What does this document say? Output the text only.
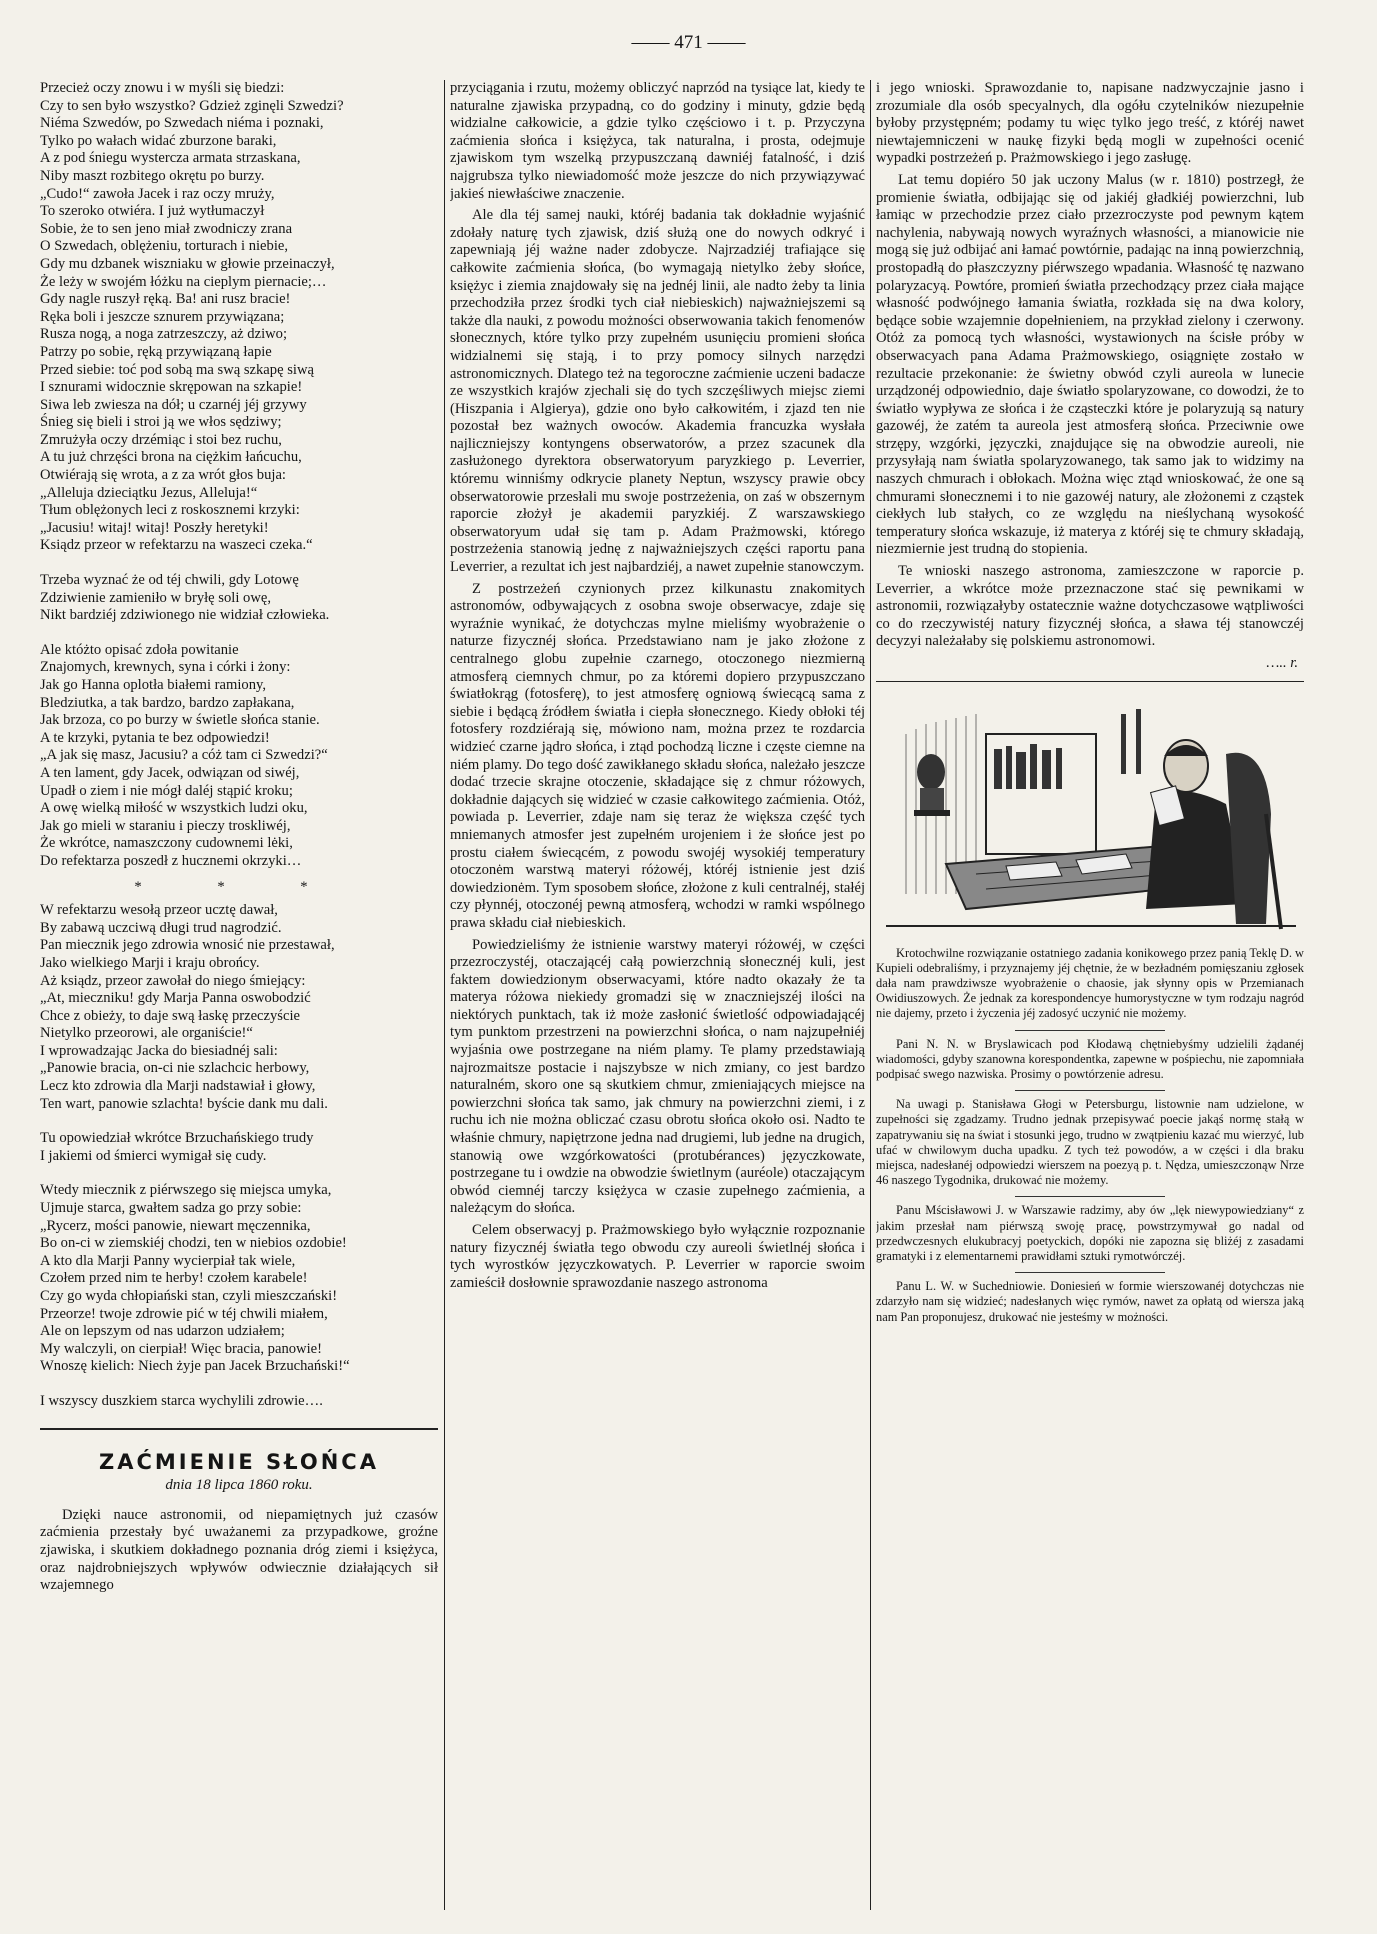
—— 471 ——

Przecież oczy znowu i w myśli się biedzi:

Czy to sen było wszystko? Gdzież zginęli Szwedzi?

Niéma Szwedów, po Szwedach niéma i poznaki,

Tylko po wałach widać zburzone baraki,

A z pod śniegu wystercza armata strzaskana,

Niby maszt rozbitego okrętu po burzy.

„Cudo!“ zawoła Jacek i raz oczy mruży,

To szeroko otwiéra. I już wytłumaczył

Sobie, że to sen jeno miał zwodniczy zrana

O Szwedach, oblężeniu, torturach i niebie,

Gdy mu dzbanek wiszniaku w głowie przeinaczył,

Że leży w swojém łóżku na cieplym piernacie;…

Gdy nagle ruszył ręką. Ba! ani rusz bracie!

Ręka boli i jeszcze sznurem przywiązana;

Rusza nogą, a noga zatrzeszczy, aż dziwo;

Patrzy po sobie, ręką przywiązaną łapie

Przed siebie: toć pod sobą ma swą szkapę siwą

I sznurami widocznie skrępowan na szkapie!

Siwa leb zwiesza na dół; u czarnéj jéj grzywy

Śnieg się bieli i stroi ją we włos sędziwy;

Zmrużyła oczy drzémiąc i stoi bez ruchu,

A tu już chrzęści brona na ciężkim łańcuchu,

Otwiérają się wrota, a z za wrót głos buja:

„Alleluja dzieciątku Jezus, Alleluja!“

Tłum oblężonych leci z roskosznemi krzyki:

„Jacusiu! witaj! witaj! Poszły heretyki!

Ksiądz przeor w refektarzu na waszeci czeka.“

Trzeba wyznać że od téj chwili, gdy Lotowę

Zdziwienie zamieniło w bryłę soli owę,

Nikt bardziéj zdziwionego nie widział człowieka.

Ale któżto opisać zdoła powitanie

Znajomych, krewnych, syna i córki i żony:

Jak go Hanna oplotła białemi ramiony,

Bledziutka, a tak bardzo, bardzo zapłakana,

Jak brzoza, co po burzy w świetle słońca stanie.

A te krzyki, pytania te bez odpowiedzi!

„A jak się masz, Jacusiu? a cóż tam ci Szwedzi?“

A ten lament, gdy Jacek, odwiązan od siwéj,

Upadł o ziem i nie mógł daléj stąpić kroku;

A owę wielką miłość w wszystkich ludzi oku,

Jak go mieli w staraniu i pieczy troskliwéj,

Że wkrótce, namaszczony cudownemi lėki,

Do refektarza poszedł z hucznemi okrzyki…

* * *

W refektarzu wesołą przeor ucztę dawał,

By zabawą uczciwą długi trud nagrodzić.

Pan miecznik jego zdrowia wnosić nie przestawał,

Jako wielkiego Marji i kraju obrońcy.

Aż ksiądz, przeor zawołał do niego śmiejący:

„At, mieczniku! gdy Marja Panna oswobodzić

Chce z obieży, to daje swą łaskę przeczyście

Nietylko przeorowi, ale organiście!“

I wprowadzając Jacka do biesiadnéj sali:

„Panowie bracia, on-ci nie szlachcic herbowy,

Lecz kto zdrowia dla Marji nadstawiał i głowy,

Ten wart, panowie szlachta! byście dank mu dali.

Tu opowiedział wkrótce Brzuchańskiego trudy

I jakiemi od śmierci wymigał się cudy.

Wtedy miecznik z piérwszego się miejsca umyka,

Ujmuje starca, gwałtem sadza go przy sobie:

„Rycerz, mości panowie, niewart męczennika,

Bo on-ci w ziemskiéj chodzi, ten w niebios ozdobie!

A kto dla Marji Panny wycierpiał tak wiele,

Czołem przed nim te herby! czołem karabele!

Czy go wyda chłopiański stan, czyli mieszczański!

Przeorze! twoje zdrowie pić w téj chwili miałem,

Ale on lepszym od nas udarzon udziałem;

My walczyli, on cierpiał! Więc bracia, panowie!

Wnoszę kielich: Niech żyje pan Jacek Brzuchański!“

I wszyscy duszkiem starca wychylili zdrowie….

ZAĆMIENIE SŁOŃCA
dnia 18 lipca 1860 roku.

Dzięki nauce astronomii, od niepamiętnych już czasów zaćmienia przestały być uważanemi za przypadkowe, groźne zjawiska, i skutkiem dokładnego poznania dróg ziemi i księżyca, oraz najdrobniejszych wpływów odwiecznie działających sił wzajemnego

przyciągania i rzutu, możemy obliczyć naprzód na tysiące lat, kiedy te naturalne zjawiska przypadną, co do godziny i minuty, gdzie będą widzialne całkowicie, a gdzie tylko częściowo i t. p. Przyczyna zaćmienia słońca i księżyca, tak naturalna, i prosta, odejmuje zjawiskom tym wszelką przypuszczaną dawniéj fatalność, i dziś najgrubsza tylko niewiadomość może jeszcze do nich przywiązywać jakieś niewłaściwe znaczenie.

Ale dla téj samej nauki, któréj badania tak dokładnie wyjaśnić zdołały naturę tych zjawisk, dziś służą one do nowych odkryć i zapewniają jéj ważne nader zdobycze. Najrzadziéj trafiające się całkowite zaćmienia słońca, (bo wymagają nietylko żeby słońce, księżyc i ziemia znajdowały się na jednéj linii, ale nadto żeby ta linia przechodziła przez środki tych ciał niebieskich) najważniejszemi są także dla nauki, z powodu możności obserwowania takich fenomenów słonecznych, które tylko przy zupełném usunięciu promieni słońca widzialnemi się stają, i to przy pomocy silnych narzędzi astronomicznych. Dlatego też na tegoroczne zaćmienie uczeni badacze ze wszystkich krajów zjechali się do tych szczęśliwych miejsc ziemi (Hiszpania i Algierya), gdzie ono było całkowitém, i zjazd ten nie pozostał bez ważnych owoców. Akademia francuzka wysłała najliczniejszy kontyngens obserwatorów, a przez szacunek dla zasłużonego dyrektora obserwatoryum paryzkiego p. Leverrier, któremu winniśmy odkrycie planety Neptun, wszyscy prawie obcy obserwatorowie przesłali mu swoje postrzeżenia, on zaś w obszernym raporcie złożył je akademii paryzkiéj. Z warszawskiego obserwatoryum udał się tam p. Adam Prażmowski, którego postrzeżenia stanowią jednę z najważniejszych części raportu pana Leverrier, a rezultat ich jest najbardziéj, a nawet zupełnie stanowczym.

Z postrzeżeń czynionych przez kilkunastu znakomitych astronomów, odbywających z osobna swoje obserwacye, zdaje się wyraźnie wynikać, że dotychczas mylne mieliśmy wyobrażenie o naturze fizycznéj słońca. Przedstawiano nam je jako złożone z centralnego globu zupełnie czarnego, otoczonego niezmierną atmosferą ciemnych chmur, po za któremi dopiero przypuszczano światłokrąg (fotosferę), to jest atmosferę ogniową świecącą sama z siebie i będącą źródłem światła i ciepła słonecznego. Kiedy obłoki téj fotosfery rozdziérają się, mówiono nam, można przez te rozdarcia widzieć czarne jądro słońca, i ztąd pochodzą liczne i częste ciemne na niém plamy. Do tego dość zawikłanego składu słońca, należało jeszcze dodać trzecie skrajne otoczenie, składające się z chmur różowych, dokładnie dających się widzieć w czasie całkowitego zaćmienia. Otóż, powiada p. Leverrier, zdaje nam się teraz że większa część tych mniemanych atmosfer jest zupełném urojeniem i że słońce jest po prostu ciałem świecącém, z powodu swojéj wysokiéj temperatury otoczonėm warstwą materyi różowéj, któréj istnienie jest dziś dowiedzionėm. Tym sposobem słońce, złożone z kuli centralnéj, stałéj czy płynnéj, otoczonéj pewną atmosferą, wchodzi w ramki wspólnego prawa składu ciał niebieskich.

Powiedzieliśmy że istnienie warstwy materyi różowéj, w części przezroczystéj, otaczającéj całą powierzchnią słonecznéj kuli, jest faktem dowiedzionym obserwacyami, które nadto okazały że ta materya różowa niekiedy gromadzi się w znaczniejszéj ilości na niektórych punktach, tak iż może zasłonić świetlość odpowiadającéj tym punktom przestrzeni na powierzchni słońca, o nam najzupełniéj wyjaśnia owe postrzegane na niém plamy. Te plamy przedstawiają najrozmaitsze postacie i najszybsze w nich zmiany, co jest bardzo naturalném, skoro one są skutkiem chmur, zmieniających miejsce na powierzchni słońca tak samo, jak chmury na powierzchni ziemi, i z ruchu ich nie można obliczać czasu obrotu słońca około osi. Nadto te właśnie chmury, napiętrzone jedna nad drugiemi, lub jedne na drugich, stanowią owe wzgórkowatości (protubérances) języczkowate, postrzegane tu i owdzie na obwodzie świetlnym (auréole) otaczającym obwód ciemnéj tarczy księżyca w czasie zupełnego zaćmienia, a należącym do słońca.

Celem obserwacyj p. Prażmowskiego było wyłącznie rozpoznanie natury fizycznéj światła tego obwodu czy aureoli świetlnéj słońca i tych wyrostków języczkowatych. P. Leverrier w raporcie swoim zamieścił dosłownie sprawozdanie naszego astronoma

i jego wnioski. Sprawozdanie to, napisane nadzwyczajnie jasno i zrozumiale dla osób specyalnych, dla ogółu czytelników niezupełnie byłoby przystępném; podamy tu więc tylko jego treść, z któréj nawet niewtajemniczeni w naukę fizyki będą mogli w zupełności ocenić wypadki postrzeżeń p. Prażmowskiego i jego zasługę.

Lat temu dopiéro 50 jak uczony Malus (w r. 1810) postrzegł, że promienie światła, odbijając się od jakiéj gładkiéj powierzchni, lub łamiąc w przechodzie przez ciało przezroczyste pod pewnym kątem nachylenia, nabywają nowych wyraźnych własności, a mianowicie nie mogą się już odbijać ani łamać powtórnie, padając na inną powierzchnią, prostopadłą do płaszczyzny piérwszego wpadania. Własność tę nazwano polaryzacyą. Powtóre, promień światła przechodzący przez ciała mające własność podwójnego łamania światła, rozkłada się na dwa kolory, będące sobie wzajemnie dopełnieniem, na przykład zielony i czerwony. Otóż za pomocą tych własności, wystawionych na ścisłe próby w obserwacyach pana Adama Prażmowskiego, osiągnięte zostało w rezultacie przekonanie: że świetny obwód czyli aureola w lunecie urządzonéj odpowiednio, daje światło spolaryzowane, co dowodzi, że to światło wypływa ze słońca i że cząsteczki które je polaryzują są natury gazowéj, że zatém ta aureola jest atmosferą słońca. Przeciwnie owe strzępy, wzgórki, języczki, znajdujące się na obwodzie aureoli, nie przysyłają nam światła spolaryzowanego, tak samo jak to widzimy na naszych chmurach i obłokach. Można więc ztąd wnioskować, że one są chmurami słonecznemi i to nie gazowéj natury, ale złożonemi z cząstek ciekłych lub stałych, co ze względu na nieślychaną wysokość temperatury słońca wskazuje, iż materya z któréj się te chmury składają, niezmiernie jest trudną do stopienia.

Te wnioski naszego astronoma, zamieszczone w raporcie p. Leverrier, a wkrótce może przeznaczone stać się pewnikami w astronomii, rozwiązałyby ostatecznie ważne dotychczasowe wątpliwości co do rzeczywistéj natury fizycznéj słońca, a sława téj stanowczéj decyzyi należałaby się polskiemu astronomowi.

….. r.

Krotochwilne rozwiązanie ostatniego zadania konikowego przez panią Teklę D. w Kupieli odebraliśmy, i przyznajemy jéj chętnie, że w bezładném pomięszaniu zgłosek dała nam prawdziwsze wyobrażenie o chaosie, jak słynny opis w Przemianach Owidiuszowych. Że jednak za korespondencye humorystyczne w tym rodzaju nagród nie dajemy, przeto i życzenia jéj zadosyć uczynić nie możemy.

Pani N. N. w Bryslawicach pod Kłodawą chętniebyśmy udzielili żądanéj wiadomości, gdyby szanowna korespondentka, zapewne w pośpiechu, nie zapomniała podpisać swego nazwiska. Prosimy o powtórzenie adresu.

Na uwagi p. Stanisława Głogi w Petersburgu, listownie nam udzielone, w zupełności się zgadzamy. Trudno jednak przepisywać poecie jakąś normę stałą w zapatrywaniu się na świat i stosunki jego, trudno w zwątpieniu kazać mu wierzyć, lub ufać w chwilowym ducha upadku. Z tych też powodów, a w części i dla braku miejsca, nadesłanéj odpowiedzi wierszem na poezyą p. t. Nędza, umieszczonąw Nrze 46 naszego Tygodnika, drukować nie możemy.

Panu Mścisławowi J. w Warszawie radzimy, aby ów „lęk niewypowiedziany“ z jakim przesłał nam piérwszą swoję pracę, powstrzymywał go nadal od przedwczesnych elukubracyj poetyckich, dopóki nie zapozna się bliżéj z zasadami gramatyki i z elementarnemi prawidłami sztuki rymotwórczéj.

Panu L. W. w Suchedniowie. Doniesień w formie wierszowanéj dotychczas nie zdarzyło nam się widzieć; nadesłanych więc rymów, nawet za opłatą od wiersza jaką nam Pan proponujesz, drukować nie jesteśmy w możności.
